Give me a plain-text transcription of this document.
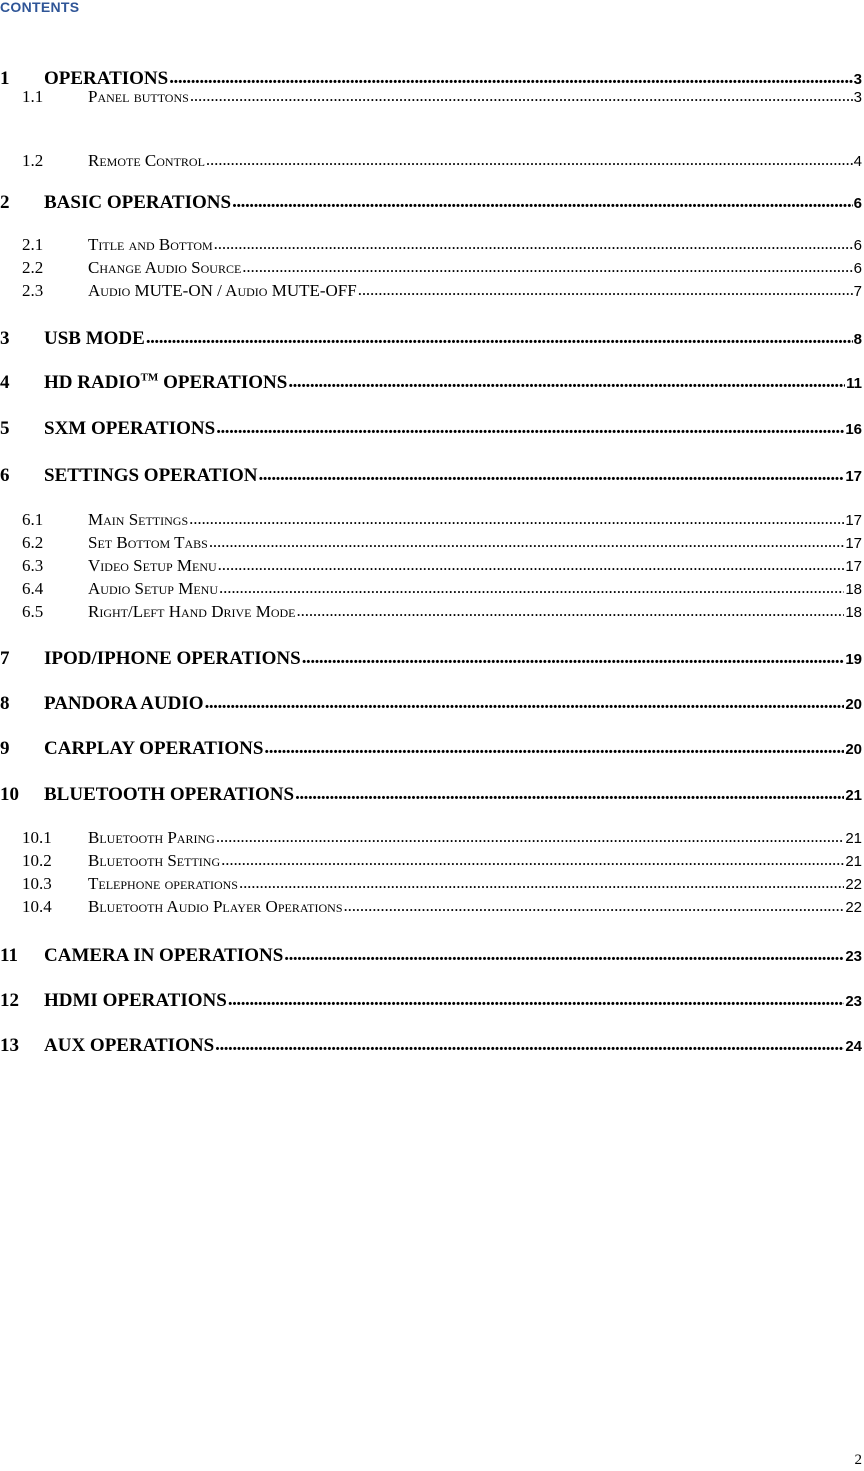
CONTENTS
1	OPERATIONS . . .	3
1.1	Panel buttons . . .	3
1.2	Remote Control . . .	4
2	BASIC OPERATIONS . . .	6
2.1	Title and Bottom . . .	6
2.2	Change Audio Source . . .	6
2.3	Audio MUTE-ON / Audio MUTE-OFF . . .	7
3	USB MODE . . .	8
4	HD RADIO™ OPERATIONS . . .	11
5	SXM OPERATIONS . . .	16
6	SETTINGS OPERATION . . .	17
6.1	Main Settings . . .	17
6.2	Set Bottom Tabs . . .	17
6.3	Video Setup Menu . . .	17
6.4	Audio Setup Menu . . .	18
6.5	Right/Left Hand Drive Mode . . .	18
7	IPOD/IPHONE OPERATIONS . . .	19
8	PANDORA AUDIO . . .	20
9	CARPLAY OPERATIONS . . .	20
10	BLUETOOTH OPERATIONS . . .	21
10.1	Bluetooth Paring . . .	21
10.2	Bluetooth Setting . . .	21
10.3	Telephone operations . . .	22
10.4	Bluetooth Audio Player Operations . . .	22
11	CAMERA IN OPERATIONS . . .	23
12	HDMI OPERATIONS . . .	23
13	AUX OPERATIONS . . .	24
2
